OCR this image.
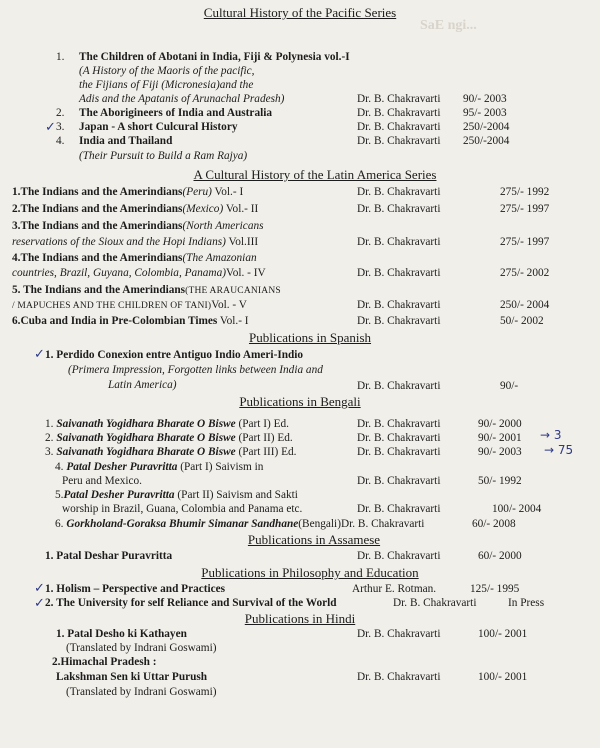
SaE ngi...
Cultural History of the Pacific Series
1. The Children of Abotani in India, Fiji & Polynesia vol.-I
(A History of the Maoris of the pacific,
the Fijians of Fiji (Micronesia)and the
Adis and the Apatanis of Arunachal Pradesh)	Dr. B. Chakravarti 90/- 2003
2. The Aborigineers of India and Australia	Dr. B. Chakravarti 95/- 2003
✓ 3. Japan - A short Culcural History	Dr. B. Chakravarti 250/-2004
4. India and Thailand	Dr. B. Chakravarti 250/-2004
(Their Pursuit to Build a Ram Rajya)
A Cultural History of the Latin America Series
1.The Indians and the Amerindians(Peru) Vol.- I	Dr. B. Chakravarti	275/- 1992
2.The Indians and the Amerindians(Mexico) Vol.- II	Dr. B. Chakravarti	275/- 1997
3.The Indians and the Amerindians(North Americans
reservations of the Sioux and the Hopi Indians) Vol.III	Dr. B. Chakravarti	275/- 1997
4.The Indians and the Amerindians(The Amazonian
countries, Brazil, Guyana, Colombia, Panama)Vol. - IV	Dr. B. Chakravarti	275/- 2002
5. The Indians and the Amerindians(THE ARAUCANIANS
/ MAPUCHES AND THE CHILDREN OF TANI)Vol. - V	Dr. B. Chakravarti	250/- 2004
6.Cuba and India in Pre-Colombian Times Vol.- I	Dr. B. Chakravarti	50/- 2002
Publications in Spanish
✓ 1. Perdido Conexion entre Antiguo Indio Ameri-Indio
(Primera Impression, Forgotten links between India and
Latin America)	Dr. B. Chakravarti	90/-
Publications in Bengali
1. Saivanath Yogidhara Bharate O Biswe (Part I) Ed.	Dr. B. Chakravarti	90/- 2000
2. Saivanath Yogidhara Bharate O Biswe (Part II) Ed.	Dr. B. Chakravarti	90/- 2001 → 3
3. Saivanath Yogidhara Bharate O Biswe (Part III) Ed.	Dr. B. Chakravarti	90/- 2003 → 75
4. Patal Desher Puravritta (Part I) Saivism in
Peru and Mexico.	Dr. B. Chakravarti	50/- 1992
5.Patal Desher Puravritta (Part II) Saivism and Sakti
worship in Brazil, Guana, Colombia and Panama etc.	Dr. B. Chakravarti	100/- 2004
6. Gorkholand-Goraksa Bhumir Simanar Sandhane(Bengali)Dr. B. Chakravarti	60/- 2008
Publications in Assamese
1. Patal Deshar Puravritta	Dr. B. Chakravarti	60/- 2000
Publications in Philosophy and Education
✓ 1. Holism – Perspective and Practices	Arthur E. Rotman.	125/- 1995
✓ 2. The University for self Reliance and Survival of the World	Dr. B. Chakravarti	In Press
Publications in Hindi
1. Patal Desho ki Kathayen	Dr. B. Chakravarti	100/- 2001
(Translated by Indrani Goswami)
2.Himachal Pradesh :
Lakshman Sen ki Uttar Purush	Dr. B. Chakravarti	100/- 2001
(Translated by Indrani Goswami)
